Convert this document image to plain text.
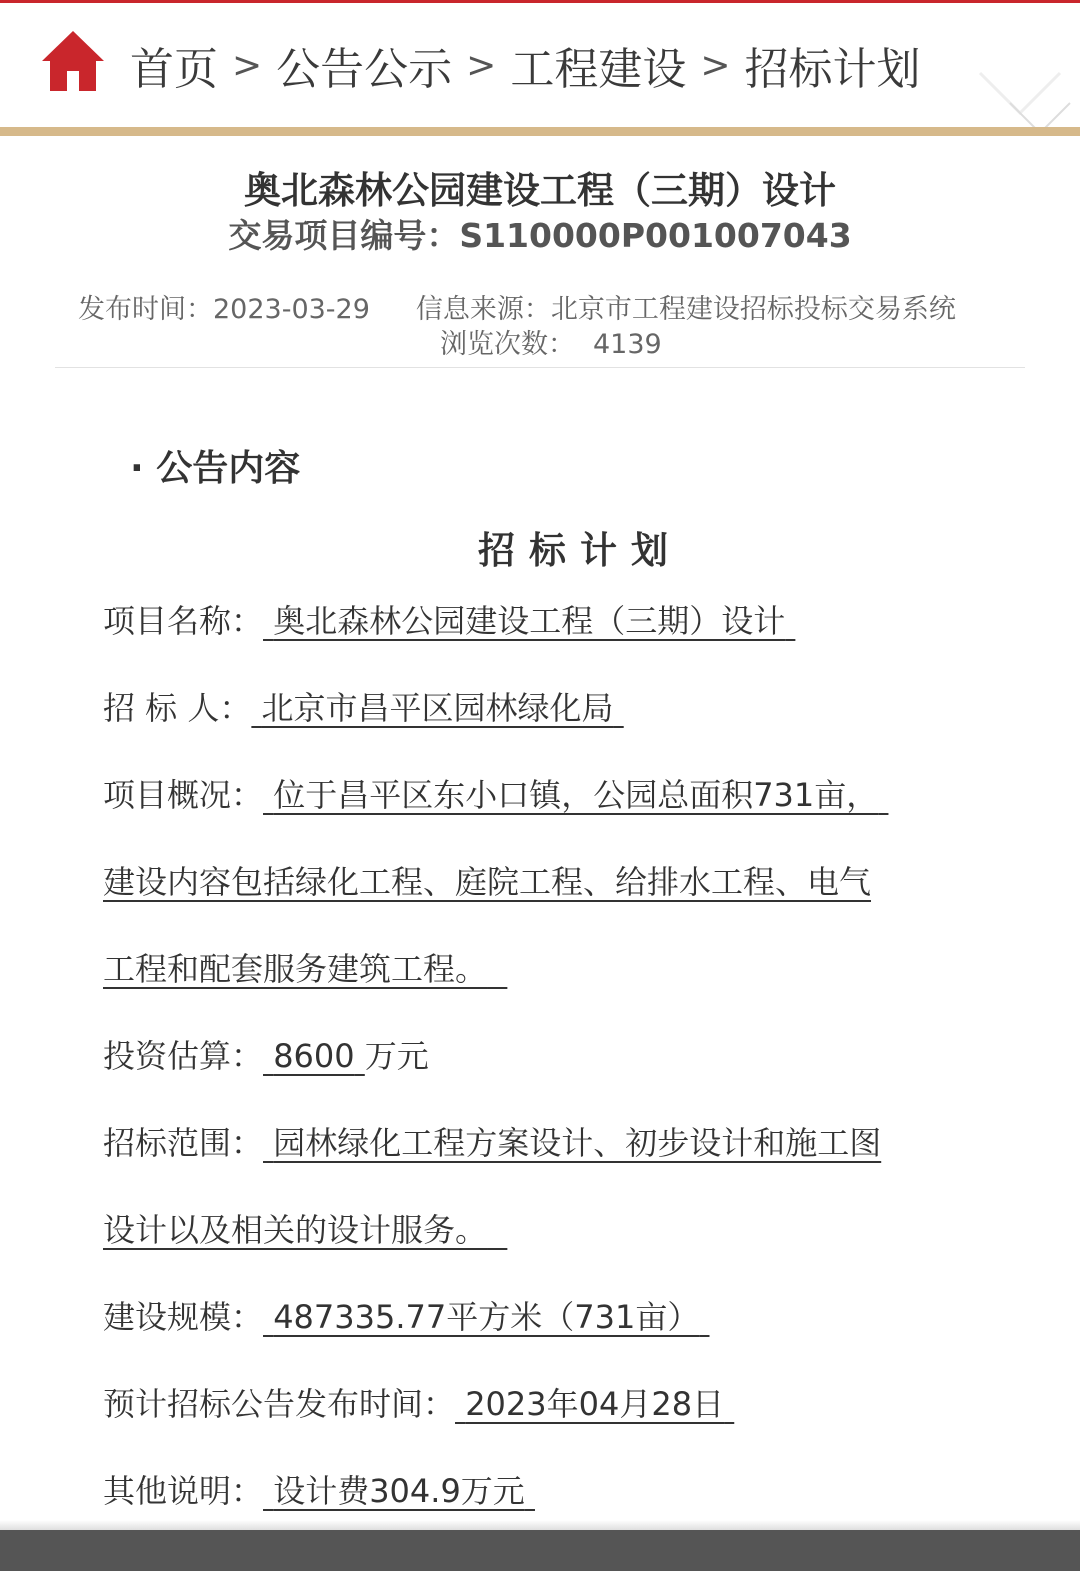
首页 > 公告公示 > 工程建设 > 招标计划
奥北森林公园建设工程（三期）设计
交易项目编号：S110000P001007043
发布时间：2023-03-29 信息来源：北京市工程建设招标投标交易系统
浏览次数： 4139
· 公告内容
招标计划
项目名称： 奥北森林公园建设工程（三期）设计
招 标 人： 北京市昌平区园林绿化局
项目概况： 位于昌平区东小口镇，公园总面积731亩，
建设内容包括绿化工程、庭院工程、给排水工程、电气
工程和配套服务建筑工程。
投资估算： 8600 万元
招标范围： 园林绿化工程方案设计、初步设计和施工图
设计以及相关的设计服务。
建设规模： 487335.77平方米（731亩）
预计招标公告发布时间： 2023年04月28日
其他说明： 设计费304.9万元
